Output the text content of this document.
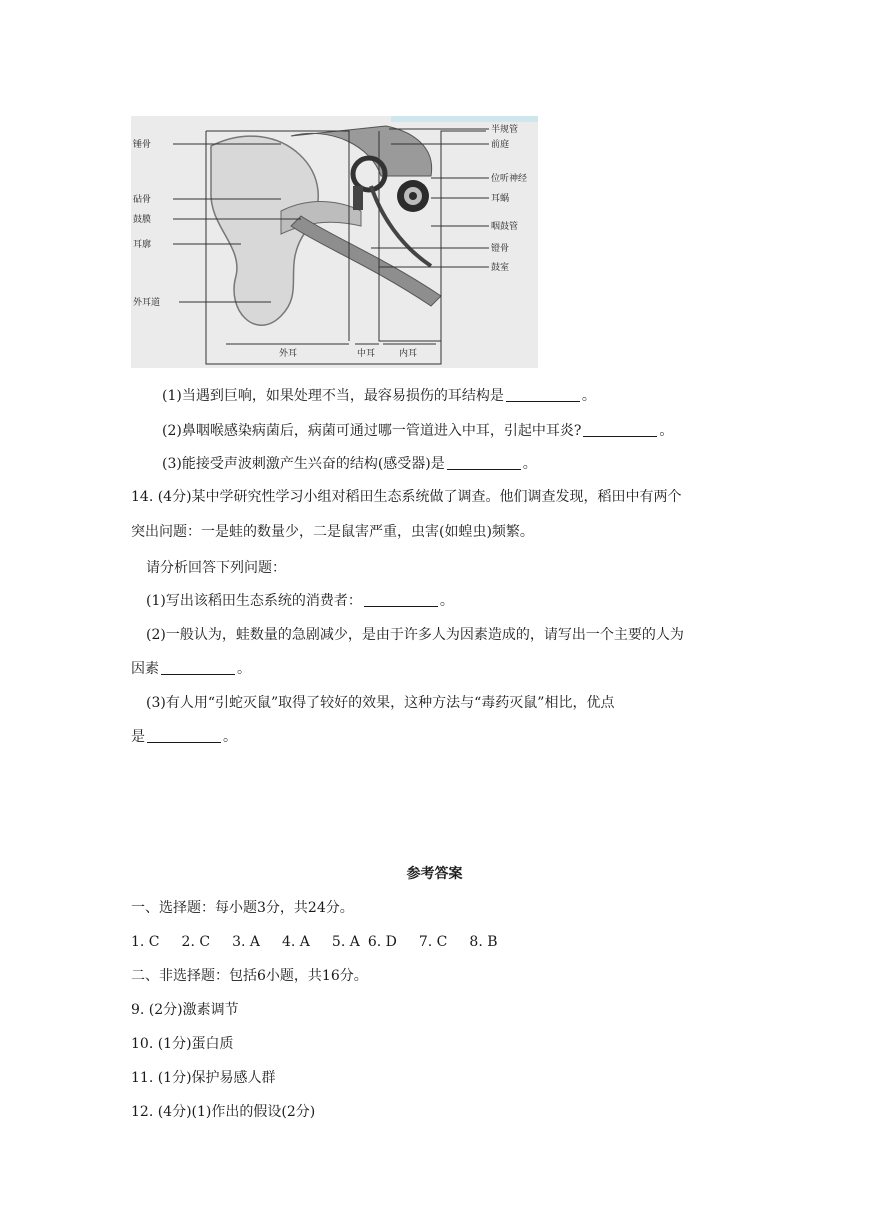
锤骨
砧骨
鼓膜
耳廓
外耳道
半规管
前庭
位听神经
耳蜗
咽鼓管
镫骨
鼓室
外耳	中耳	内耳
(1)当遇到巨响，如果处理不当，最容易损伤的耳结构是	。
(2)鼻咽喉感染病菌后，病菌可通过哪一管道进入中耳，引起中耳炎?	。
(3)能接受声波刺激产生兴奋的结构(感受器)是	。
14. (4分)某中学研究性学习小组对稻田生态系统做了调查。他们调查发现，稻田中有两个
突出问题：一是蛙的数量少，二是鼠害严重，虫害(如蝗虫)频繁。
请分析回答下列问题：
(1)写出该稻田生态系统的消费者：	。
(2)一般认为，蛙数量的急剧减少，是由于许多人为因素造成的，请写出一个主要的人为
因素	。
(3)有人用“引蛇灭鼠”取得了较好的效果，这种方法与“毒药灭鼠”相比，优点
是	。
参考答案
一、选择题：每小题3分，共24分。
1. C 2. C 3. A 4. A 5. A 6. D 7. C 8. B
二、非选择题：包括6小题，共16分。
9. (2分)激素调节
10. (1分)蛋白质
11. (1分)保护易感人群
12. (4分)(1)作出的假设(2分)
